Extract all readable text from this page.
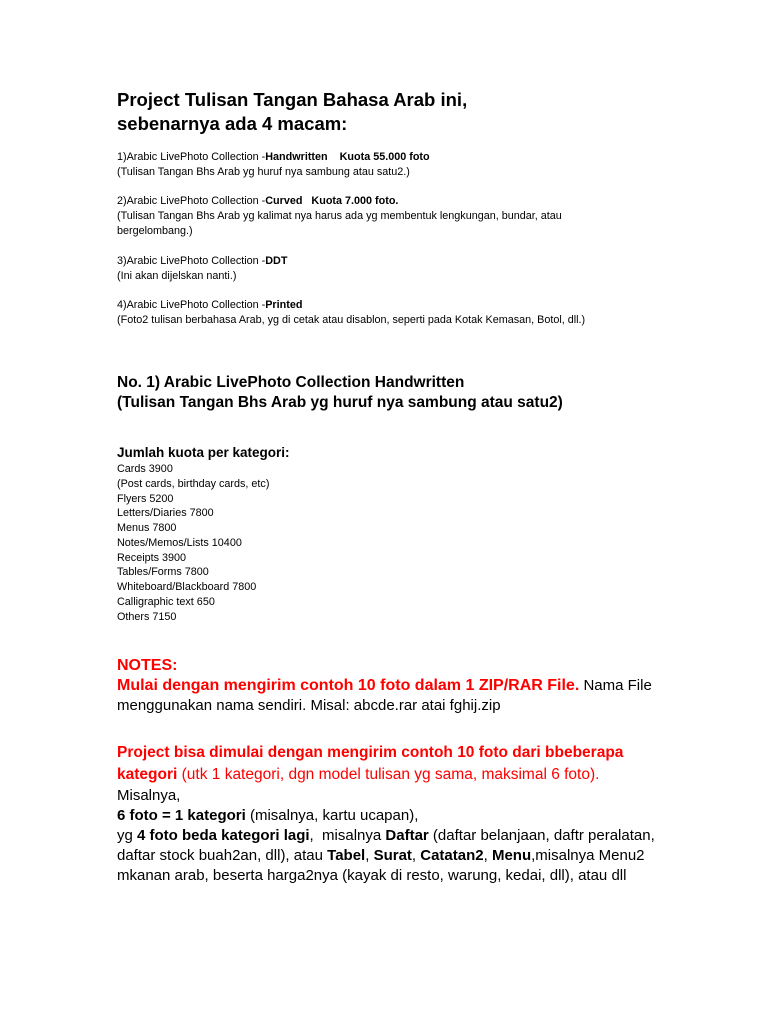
Project Tulisan Tangan Bahasa Arab ini,
sebenarnya ada 4 macam:
1)Arabic LivePhoto Collection -Handwritten    Kuota 55.000 foto
(Tulisan Tangan Bhs Arab yg huruf nya sambung atau satu2.)
2)Arabic LivePhoto Collection -Curved   Kuota 7.000 foto.
(Tulisan Tangan Bhs Arab yg kalimat nya harus ada yg membentuk lengkungan, bundar, atau bergelombang.)
3)Arabic LivePhoto Collection -DDT
(Ini akan dijelskan nanti.)
4)Arabic LivePhoto Collection -Printed
(Foto2 tulisan berbahasa Arab, yg di cetak atau disablon, seperti pada Kotak Kemasan, Botol, dll.)
No. 1) Arabic LivePhoto Collection Handwritten
(Tulisan Tangan Bhs Arab yg huruf nya sambung atau satu2)
Jumlah kuota per kategori:
Cards 3900
(Post cards, birthday cards, etc)
Flyers 5200
Letters/Diaries 7800
Menus 7800
Notes/Memos/Lists 10400
Receipts 3900
Tables/Forms 7800
Whiteboard/Blackboard 7800
Calligraphic text 650
Others 7150
NOTES:
Mulai dengan mengirim contoh 10 foto dalam 1 ZIP/RAR File. Nama File menggunakan nama sendiri. Misal: abcde.rar atai fghij.zip
Project bisa dimulai dengan mengirim contoh 10 foto dari bbeberapa kategori (utk 1 kategori, dgn model tulisan yg sama, maksimal 6 foto).
Misalnya,
6 foto = 1 kategori (misalnya, kartu ucapan),
yg 4 foto beda kategori lagi,  misalnya Daftar (daftar belanjaan, daftr peralatan, daftar stock buah2an, dll), atau Tabel, Surat, Catatan2, Menu,misalnya Menu2 mkanan arab, beserta harga2nya (kayak di resto, warung, kedai, dll), atau dll
